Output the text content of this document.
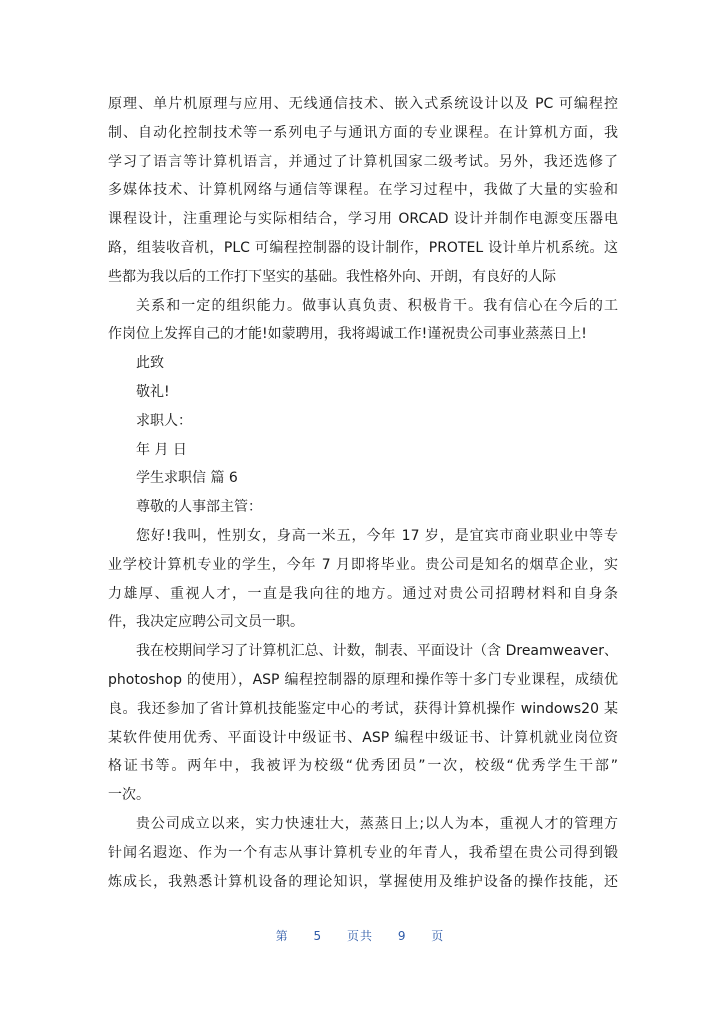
原理、单片机原理与应用、无线通信技术、嵌入式系统设计以及 PC 可编程控
制、自动化控制技术等一系列电子与通讯方面的专业课程。在计算机方面，我
学习了语言等计算机语言，并通过了计算机国家二级考试。另外，我还选修了
多媒体技术、计算机网络与通信等课程。在学习过程中，我做了大量的实验和
课程设计，注重理论与实际相结合，学习用 ORCAD 设计并制作电源变压器电
路，组装收音机，PLC 可编程控制器的设计制作，PROTEL 设计单片机系统。这
些都为我以后的工作打下坚实的基础。我性格外向、开朗，有良好的人际
关系和一定的组织能力。做事认真负责、积极肯干。我有信心在今后的工
作岗位上发挥自己的才能!如蒙聘用，我将竭诚工作!谨祝贵公司事业蒸蒸日上!
此致
敬礼!
求职人：
年 月 日
学生求职信 篇 6
尊敬的人事部主管：
您好!我叫，性别女，身高一米五，今年 17 岁，是宜宾市商业职业中等专
业学校计算机专业的学生，今年 7 月即将毕业。贵公司是知名的烟草企业，实
力雄厚、重视人才，一直是我向往的地方。通过对贵公司招聘材料和自身条
件，我决定应聘公司文员一职。
我在校期间学习了计算机汇总、计数，制表、平面设计（含 Dreamweaver、
photoshop 的使用），ASP 编程控制器的原理和操作等十多门专业课程，成绩优
良。我还参加了省计算机技能鉴定中心的考试，获得计算机操作 windows20 某
某软件使用优秀、平面设计中级证书、ASP 编程中级证书、计算机就业岗位资
格证书等。两年中，我被评为校级“优秀团员”一次，校级“优秀学生干部”
一次。
贵公司成立以来，实力快速壮大，蒸蒸日上;以人为本，重视人才的管理方
针闻名遐迩、作为一个有志从事计算机专业的年青人，我希望在贵公司得到锻
炼成长，我熟悉计算机设备的理论知识，掌握使用及维护设备的操作技能，还
第 5 页共 9 页
